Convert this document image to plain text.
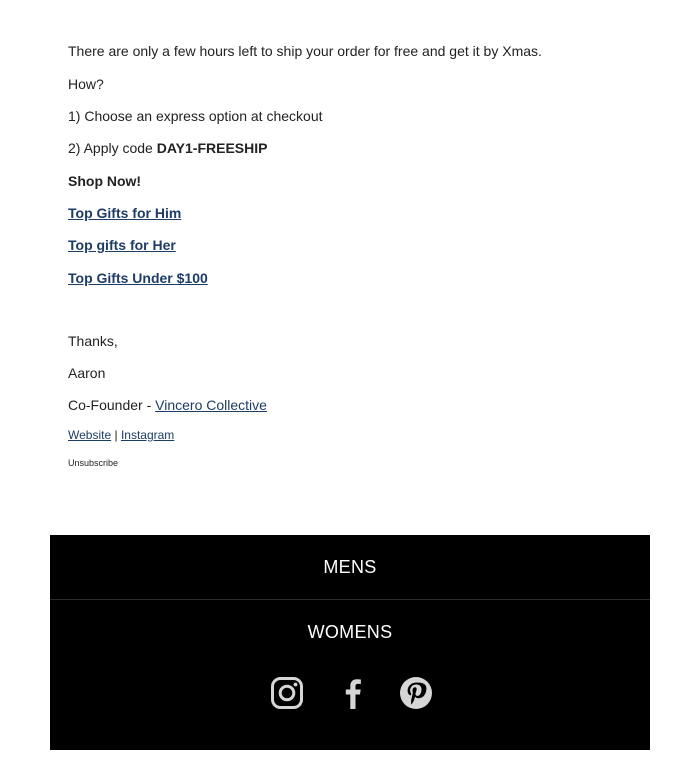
There are only a few hours left to ship your order for free and get it by Xmas.

How?

1) Choose an express option at checkout

2) Apply code DAY1-FREESHIP

Shop Now!

Top Gifts for Him

Top gifts for Her

Top Gifts Under $100

Thanks,

Aaron

Co-Founder - Vincero Collective

Website | Instagram

Unsubscribe

MENS
WOMENS
